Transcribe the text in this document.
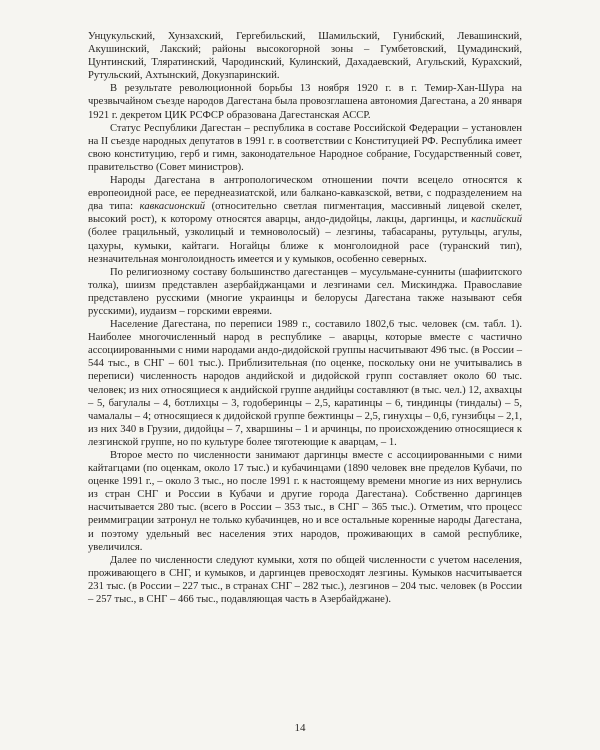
Унцукульский, Хунзахский, Гергебильский, Шамильский, Гунибский, Левашинский, Акушинский, Лакский; районы высокогорной зоны – Гумбетовский, Цумадинский, Цунтинский, Тляратинский, Чародинский, Кулинский, Дахадаевский, Агульский, Курахский, Рутульский, Ахтынский, Докузпаринский.

В результате революционной борьбы 13 ноября 1920 г. в г. Темир-Хан-Шура на чрезвычайном съезде народов Дагестана была провозглашена автономия Дагестана, а 20 января 1921 г. декретом ЦИК РСФСР образована Дагестанская АССР.

Статус Республики Дагестан – республика в составе Российской Федерации – установлен на II съезде народных депутатов в 1991 г. в соответствии с Конституцией РФ. Республика имеет свою конституцию, герб и гимн, законодательное Народное собрание, Государственный совет, правительство (Совет министров).

Народы Дагестана в антропологическом отношении почти всецело относятся к европеоидной расе, ее переднеазиатской, или балкано-кавказской, ветви, с подразделением на два типа: кавкасионский (относительно светлая пигментация, массивный лицевой скелет, высокий рост), к которому относятся аварцы, андо-дидойцы, лакцы, даргинцы, и каспийский (более грацильный, узколицый и темноволосый) – лезгины, табасараны, рутульцы, агулы, цахуры, кумыки, кайтаги. Ногайцы ближе к монголоидной расе (туранский тип), незначительная монголоидность имеется и у кумыков, особенно северных.

По религиозному составу большинство дагестанцев – мусульмане-сунниты (шафиитского толка), шиизм представлен азербайджанцами и лезгинами сел. Мискинджа. Православие представлено русскими (многие украинцы и белорусы Дагестана также называют себя русскими), иудаизм – горскими евреями.

Население Дагестана, по переписи 1989 г., составило 1802,6 тыс. человек (см. табл. 1). Наиболее многочисленный народ в республике – аварцы, которые вместе с частично ассоциированными с ними народами андо-дидойской группы насчитывают 496 тыс. (в России – 544 тыс., в СНГ – 601 тыс.). Приблизительная (по оценке, поскольку они не учитывались в переписи) численность народов андийской и дидойской групп составляет около 60 тыс. человек; из них относящиеся к андийской группе андийцы составляют (в тыс. чел.) 12, ахвахцы – 5, багулалы – 4, ботлихцы – 3, годоберинцы – 2,5, каратинцы – 6, тиндинцы (тиндалы) – 5, чамалалы – 4; относящиеся к дидойской группе бежтинцы – 2,5, гинухцы – 0,6, гунзибцы – 2,1, из них 340 в Грузии, дидойцы – 7, хваршины – 1 и арчинцы, по происхождению относящиеся к лезгинской группе, но по культуре более тяготеющие к аварцам, – 1.

Второе место по численности занимают даргинцы вместе с ассоциированными с ними кайтагцами (по оценкам, около 17 тыс.) и кубачинцами (1890 человек вне пределов Кубачи, по оценке 1991 г., – около 3 тыс., но после 1991 г. к настоящему времени многие из них вернулись из стран СНГ и России в Кубачи и другие города Дагестана). Собственно даргинцев насчитывается 280 тыс. (всего в России – 353 тыс., в СНГ – 365 тыс.). Отметим, что процесс реиммиграции затронул не только кубачинцев, но и все остальные коренные народы Дагестана, и поэтому удельный вес населения этих народов, проживающих в самой республике, увеличился.

Далее по численности следуют кумыки, хотя по общей численности с учетом населения, проживающего в СНГ, и кумыков, и даргинцев превосходят лезгины. Кумыков насчитывается 231 тыс. (в России – 227 тыс., в странах СНГ – 282 тыс.), лезгинов – 204 тыс. человек (в России – 257 тыс., в СНГ – 466 тыс., подавляющая часть в Азербайджане).

14
